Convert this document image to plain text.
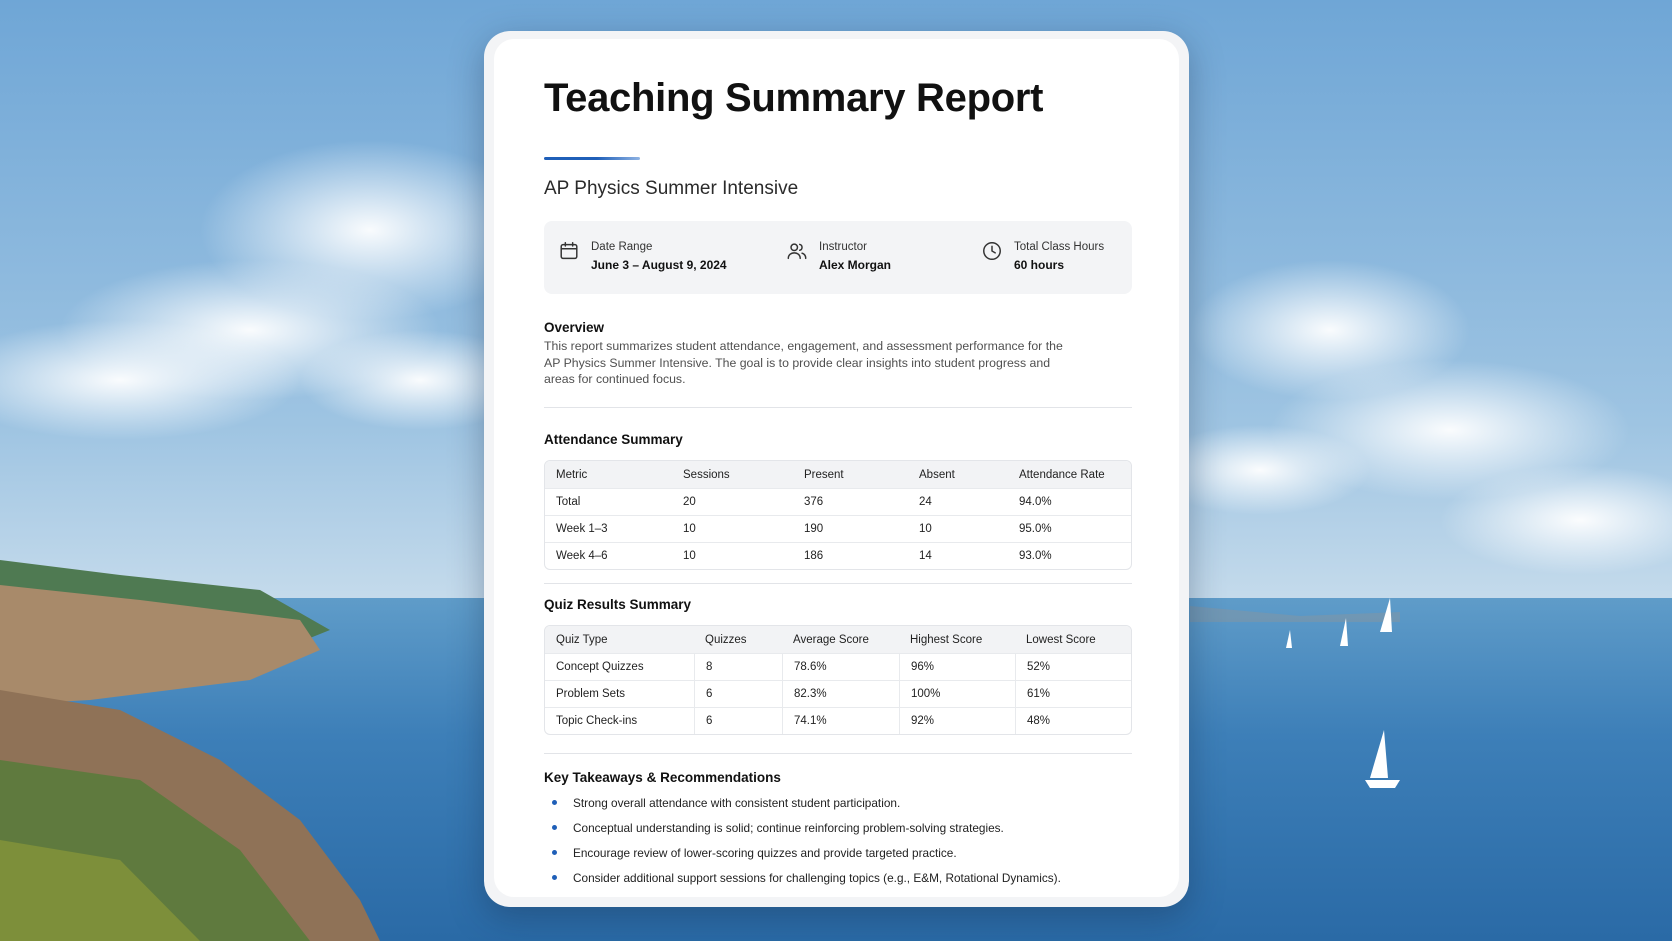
Teaching Summary Report
AP Physics Summer Intensive
Date Range
June 3 – August 9, 2024
Instructor
Alex Morgan
Total Class Hours
60 hours
Overview
This report summarizes student attendance, engagement, and assessment performance for the AP Physics Summer Intensive. The goal is to provide clear insights into student progress and areas for continued focus.
Attendance Summary
Metric	Sessions	Present	Absent	Attendance Rate
Total	20	376	24	94.0%
Week 1–3	10	190	10	95.0%
Week 4–6	10	186	14	93.0%
Quiz Results Summary
Quiz Type	Quizzes	Average Score	Highest Score	Lowest Score
Concept Quizzes	8	78.6%	96%	52%
Problem Sets	6	82.3%	100%	61%
Topic Check-ins	6	74.1%	92%	48%
Key Takeaways & Recommendations
Strong overall attendance with consistent student participation.
Conceptual understanding is solid; continue reinforcing problem-solving strategies.
Encourage review of lower-scoring quizzes and provide targeted practice.
Consider additional support sessions for challenging topics (e.g., E&M, Rotational Dynamics).
